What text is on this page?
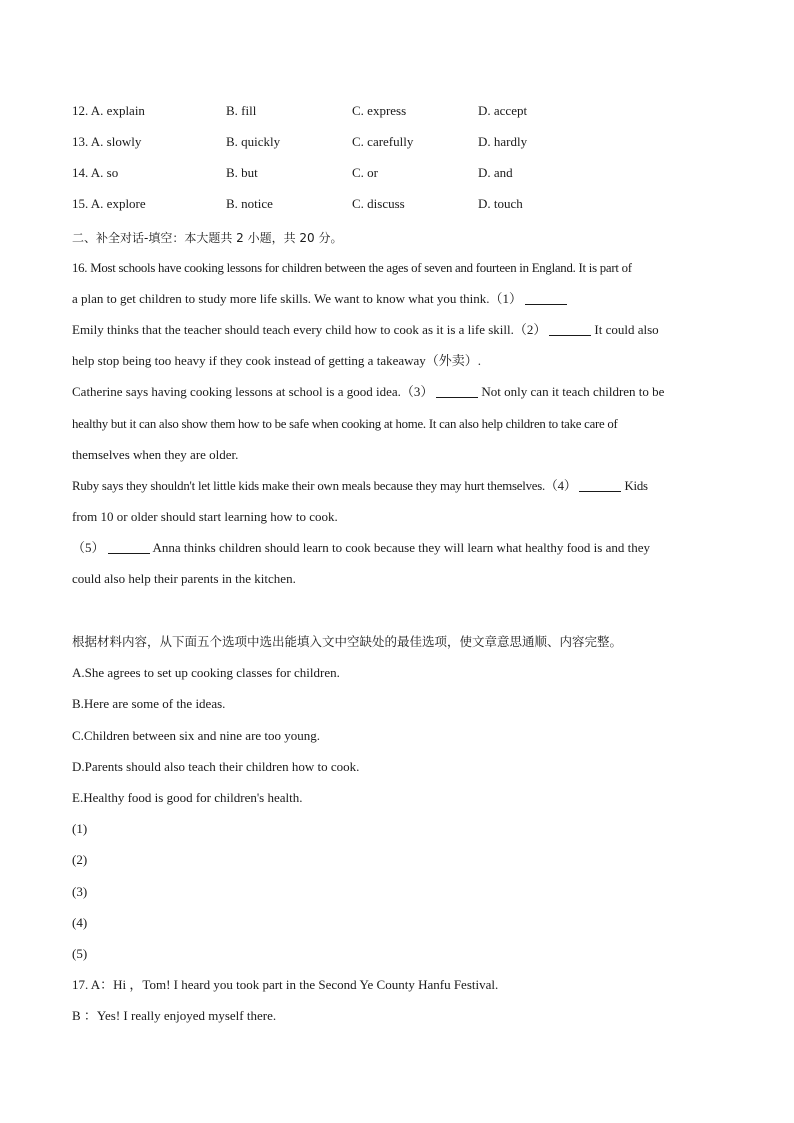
12. A. explain	B. fill	C. express	D. accept
13. A. slowly	B. quickly	C. carefully	D. hardly
14. A. so	B. but	C. or	D. and
15. A. explore	B. notice	C. discuss	D. touch
二、补全对话-填空：本大题共 2 小题，共 20 分。
16. Most schools have cooking lessons for children between the ages of seven and fourteen in England. It is part of
a plan to get children to study more life skills. We want to know what you think.（1）
Emily thinks that the teacher should teach every child how to cook as it is a life skill.（2）	It could also
help stop being too heavy if they cook instead of getting a takeaway（外卖）.
Catherine says having cooking lessons at school is a good idea.（3）	Not only can it teach children to be
healthy but it can also show them how to be safe when cooking at home. It can also help children to take care of
themselves when they are older.
Ruby says they shouldn't let little kids make their own meals because they may hurt themselves.（4）	Kids
from 10 or older should start learning how to cook.
（5）	Anna thinks children should learn to cook because they will learn what healthy food is and they
could also help their parents in the kitchen.
根据材料内容，从下面五个选项中选出能填入文中空缺处的最佳选项，使文章意思通顺、内容完整。
A.She agrees to set up cooking classes for children.
B.Here are some of the ideas.
C.Children between six and nine are too young.
D.Parents should also teach their children how to cook.
E.Healthy food is good for children's health.
(1)
(2)
(3)
(4)
(5)
17. A：Hi ，Tom! I heard you took part in the Second Ye County Hanfu Festival.
B ：Yes! I really enjoyed myself there.
